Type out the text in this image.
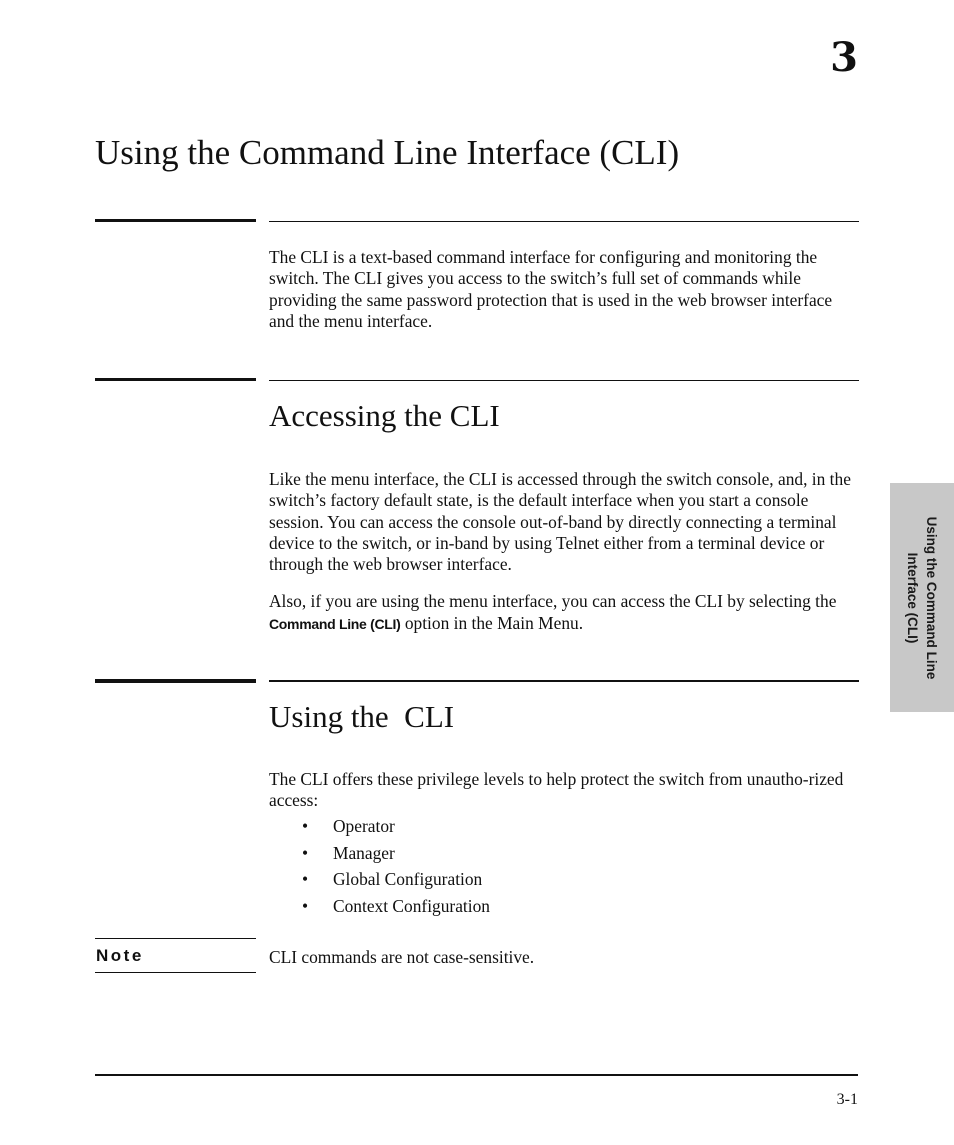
3
Using the Command Line Interface (CLI)

The CLI is a text-based command interface for configuring and monitoring the switch. The CLI gives you access to the switch’s full set of commands while providing the same password protection that is used in the web browser interface and the menu interface.

Accessing the CLI

Like the menu interface, the CLI is accessed through the switch console, and, in the switch’s factory default state, is the default interface when you start a console session. You can access the console out-of-band by directly connecting a terminal device to the switch, or in-band by using Telnet either from a terminal device or through the web browser interface.

Also, if you are using the menu interface, you can access the CLI by selecting the Command Line (CLI) option in the Main Menu.

Using the  CLI

The CLI offers these privilege levels to help protect the switch from unautho-rized access:

• Operator
• Manager
• Global Configuration
• Context Configuration
Note	CLI commands are not case-sensitive.
Using the Command Line
Interface (CLI)
3-1
